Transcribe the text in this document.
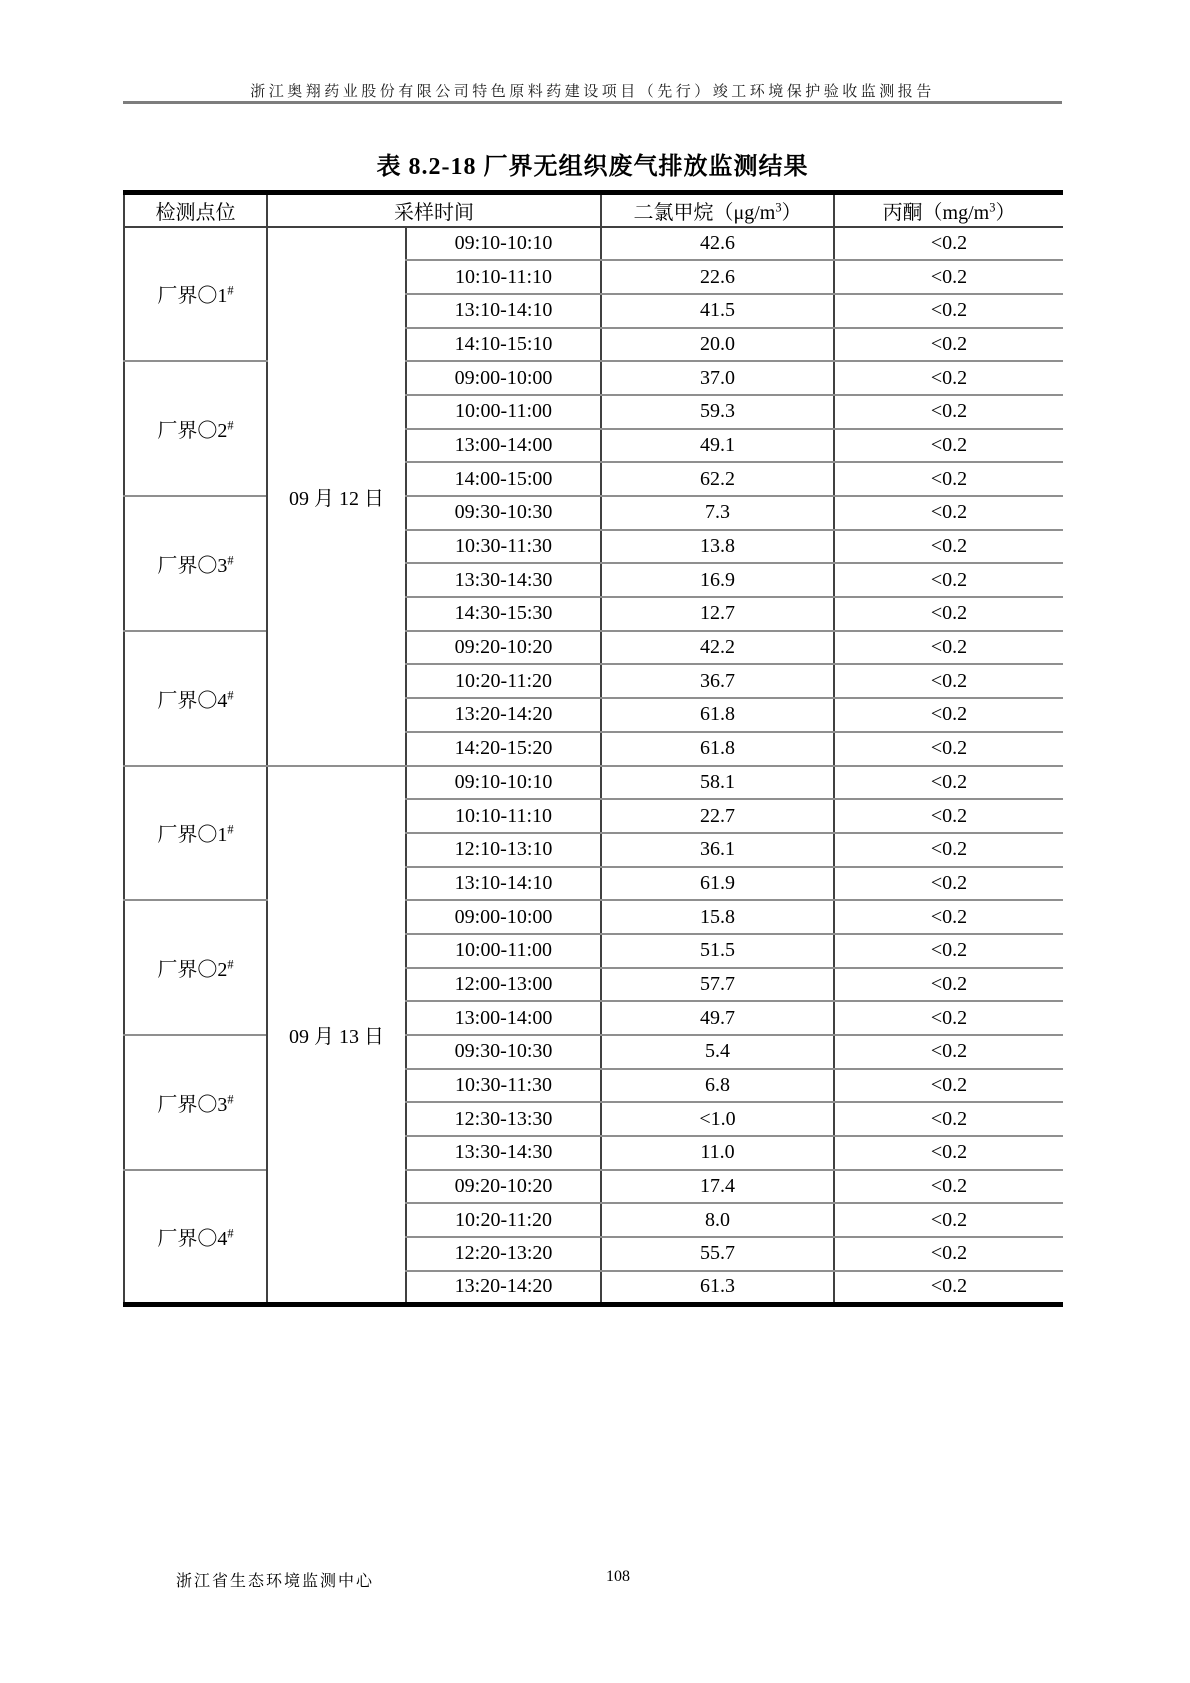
浙江奥翔药业股份有限公司特色原料药建设项目（先行）竣工环境保护验收监测报告
表 8.2-18 厂界无组织废气排放监测结果
检测点位	采样时间		二氯甲烷$(\mu g/m^3)$	丙酮$(mg/m^3)$
厂界〇1#	09 月 12 日	09:10-10:10	42.6	<0.2
		10:10-11:10	22.6	<0.2
		13:10-14:10	41.5	<0.2
		14:10-15:10	20.0	<0.2
厂界〇2#		09:00-10:00	37.0	<0.2
		10:00-11:00	59.3	<0.2
		13:00-14:00	49.1	<0.2
		14:00-15:00	62.2	<0.2
厂界〇3#		09:30-10:30	7.3	<0.2
		10:30-11:30	13.8	<0.2
		13:30-14:30	16.9	<0.2
		14:30-15:30	12.7	<0.2
厂界〇4#		09:20-10:20	42.2	<0.2
		10:20-11:20	36.7	<0.2
		13:20-14:20	61.8	<0.2
		14:20-15:20	61.8	<0.2
厂界〇1#	09 月 13 日	09:10-10:10	58.1	<0.2
		10:10-11:10	22.7	<0.2
		12:10-13:10	36.1	<0.2
		13:10-14:10	61.9	<0.2
厂界〇2#		09:00-10:00	15.8	<0.2
		10:00-11:00	51.5	<0.2
		12:00-13:00	57.7	<0.2
		13:00-14:00	49.7	<0.2
厂界〇3#		09:30-10:30	5.4	<0.2
		10:30-11:30	6.8	<0.2
		12:30-13:30	<1.0	<0.2
		13:30-14:30	11.0	<0.2
厂界〇4#		09:20-10:20	17.4	<0.2
		10:20-11:20	8.0	<0.2
		12:20-13:20	55.7	<0.2
		13:20-14:20	61.3	<0.2
浙江省生态环境监测中心	108
